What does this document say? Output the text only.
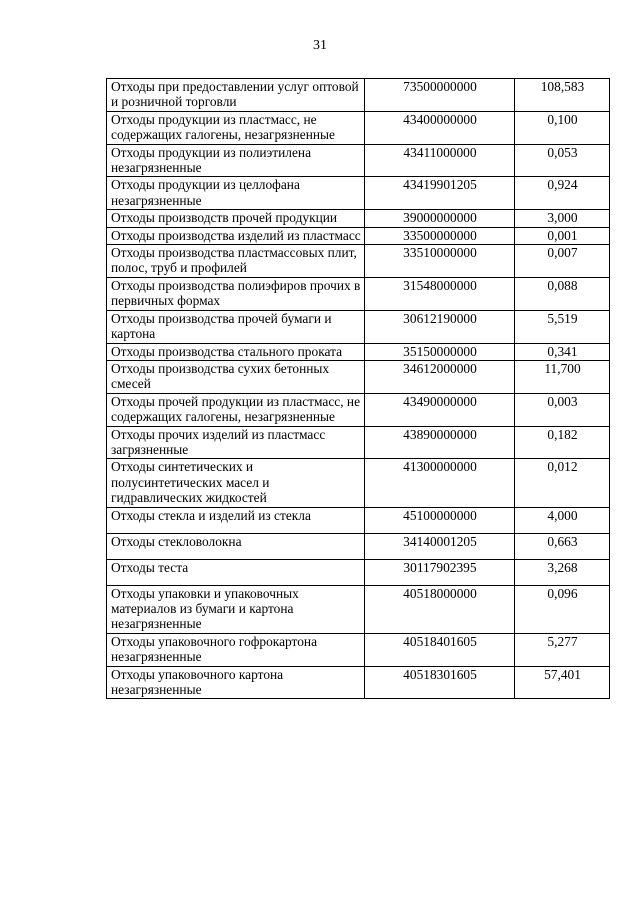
31
Отходы при предоставлении услуг оптовой и розничной торговли	73500000000	108,583
Отходы продукции из пластмасс, не содержащих галогены, незагрязненные	43400000000	0,100
Отходы продукции из полиэтилена незагрязненные	43411000000	0,053
Отходы продукции из целлофана незагрязненные	43419901205	0,924
Отходы производств прочей продукции	39000000000	3,000
Отходы производства изделий из пластмасс	33500000000	0,001
Отходы производства пластмассовых плит, полос, труб и профилей	33510000000	0,007
Отходы производства полиэфиров прочих в первичных формах	31548000000	0,088
Отходы производства прочей бумаги и картона	30612190000	5,519
Отходы производства стального проката	35150000000	0,341
Отходы производства сухих бетонных смесей	34612000000	11,700
Отходы прочей продукции из пластмасс, не содержащих галогены, незагрязненные	43490000000	0,003
Отходы прочих изделий из пластмасс загрязненные	43890000000	0,182
Отходы синтетических и полусинтетических масел и гидравлических жидкостей	41300000000	0,012
Отходы стекла и изделий из стекла	45100000000	4,000
Отходы стекловолокна	34140001205	0,663
Отходы теста	30117902395	3,268
Отходы упаковки и упаковочных материалов из бумаги и картона незагрязненные	40518000000	0,096
Отходы упаковочного гофрокартона незагрязненные	40518401605	5,277
Отходы упаковочного картона незагрязненные	40518301605	57,401
